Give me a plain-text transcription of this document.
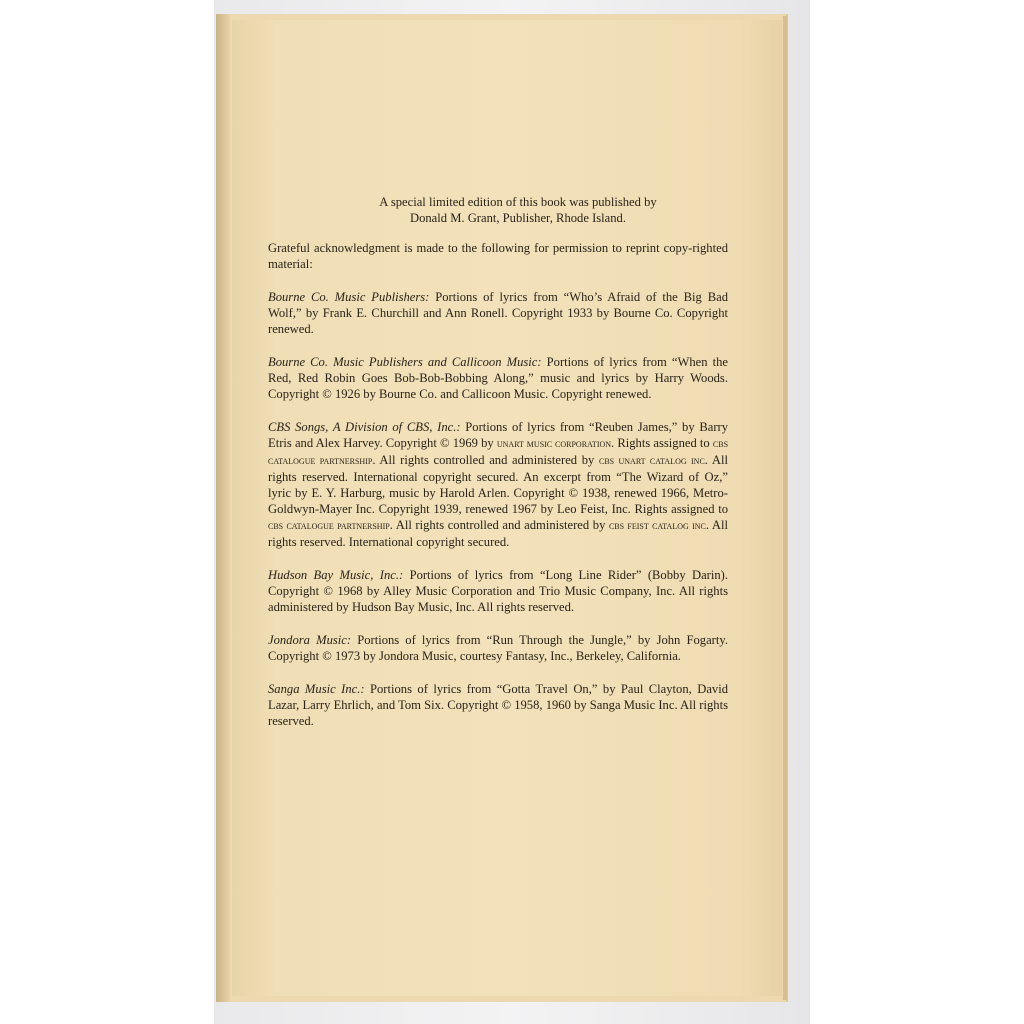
A special limited edition of this book was published by
Donald M. Grant, Publisher, Rhode Island.

Grateful acknowledgment is made to the following for permission to reprint copy-righted material:

Bourne Co. Music Publishers: Portions of lyrics from “Who’s Afraid of the Big Bad Wolf,” by Frank E. Churchill and Ann Ronell. Copyright 1933 by Bourne Co. Copyright renewed.

Bourne Co. Music Publishers and Callicoon Music: Portions of lyrics from “When the Red, Red Robin Goes Bob-Bob-Bobbing Along,” music and lyrics by Harry Woods. Copyright © 1926 by Bourne Co. and Callicoon Music. Copyright renewed.

CBS Songs, A Division of CBS, Inc.: Portions of lyrics from “Reuben James,” by Barry Etris and Alex Harvey. Copyright © 1969 by unart music corporation. Rights assigned to cbs catalogue partnership. All rights controlled and administered by cbs unart catalog inc. All rights reserved. International copyright secured. An excerpt from “The Wizard of Oz,” lyric by E. Y. Harburg, music by Harold Arlen. Copyright © 1938, renewed 1966, Metro-Goldwyn-Mayer Inc. Copyright 1939, renewed 1967 by Leo Feist, Inc. Rights assigned to cbs catalogue partnership. All rights controlled and administered by cbs feist catalog inc. All rights reserved. International copyright secured.

Hudson Bay Music, Inc.: Portions of lyrics from “Long Line Rider” (Bobby Darin). Copyright © 1968 by Alley Music Corporation and Trio Music Company, Inc. All rights administered by Hudson Bay Music, Inc. All rights reserved.

Jondora Music: Portions of lyrics from “Run Through the Jungle,” by John Fogarty. Copyright © 1973 by Jondora Music, courtesy Fantasy, Inc., Berkeley, California.

Sanga Music Inc.: Portions of lyrics from “Gotta Travel On,” by Paul Clayton, David Lazar, Larry Ehrlich, and Tom Six. Copyright © 1958, 1960 by Sanga Music Inc. All rights reserved.
